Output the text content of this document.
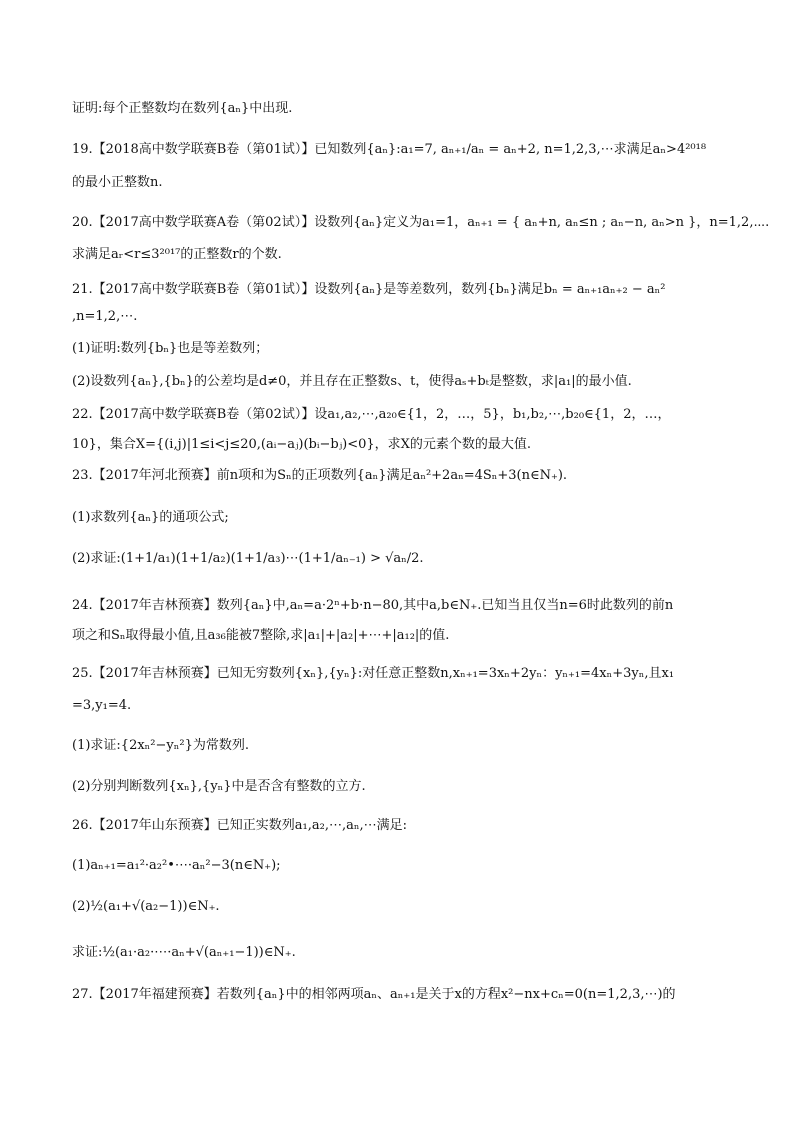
证明:每个正整数均在数列{aₙ}中出现.
19.【2018高中数学联赛B卷（第01试）】已知数列{aₙ}:a₁=7, aₙ₊₁/aₙ = aₙ+2, n=1,2,3,⋯求满足aₙ>4²⁰¹⁸
的最小正整数n.
20.【2017高中数学联赛A卷（第02试）】设数列{aₙ}定义为a₁=1，aₙ₊₁ = { aₙ+n, aₙ≤n ; aₙ−n, aₙ>n }，n=1,2,⋯.
求满足aᵣ<r≤3²⁰¹⁷的正整数r的个数.
21.【2017高中数学联赛B卷（第01试）】设数列{aₙ}是等差数列，数列{bₙ}满足bₙ = aₙ₊₁aₙ₊₂ − aₙ²
,n=1,2,⋯.
(1)证明:数列{bₙ}也是等差数列；
(2)设数列{aₙ},{bₙ}的公差均是d≠0，并且存在正整数s、t，使得aₛ+bₜ是整数，求|a₁|的最小值.
22.【2017高中数学联赛B卷（第02试）】设a₁,a₂,⋯,a₂₀∈{1，2，…，5}，b₁,b₂,⋯,b₂₀∈{1，2，…，
10}，集合X={(i,j)|1≤i<j≤20,(aᵢ−aⱼ)(bᵢ−bⱼ)<0}，求X的元素个数的最大值.
23.【2017年河北预赛】前n项和为Sₙ的正项数列{aₙ}满足aₙ²+2aₙ=4Sₙ+3(n∈N₊).
(1)求数列{aₙ}的通项公式;
(2)求证:(1+1/a₁)(1+1/a₂)(1+1/a₃)⋯(1+1/aₙ₋₁) > √aₙ/2.
24.【2017年吉林预赛】数列{aₙ}中,aₙ=a·2ⁿ+b·n−80,其中a,b∈N₊.已知当且仅当n=6时此数列的前n
项之和Sₙ取得最小值,且a₃₆能被7整除,求|a₁|+|a₂|+⋯+|a₁₂|的值.
25.【2017年吉林预赛】已知无穷数列{xₙ},{yₙ}:对任意正整数n,xₙ₊₁=3xₙ+2yₙ：yₙ₊₁=4xₙ+3yₙ,且x₁
=3,y₁=4.
(1)求证:{2xₙ²−yₙ²}为常数列.
(2)分别判断数列{xₙ},{yₙ}中是否含有整数的立方.
26.【2017年山东预赛】已知正实数列a₁,a₂,⋯,aₙ,⋯满足:
(1)aₙ₊₁=a₁²·a₂²•⋯·aₙ²−3(n∈N₊);
(2)½(a₁+√(a₂−1))∈N₊.
求证:½(a₁·a₂·⋯·aₙ+√(aₙ₊₁−1))∈N₊.
27.【2017年福建预赛】若数列{aₙ}中的相邻两项aₙ、aₙ₊₁是关于x的方程x²−nx+cₙ=0(n=1,2,3,⋯)的
